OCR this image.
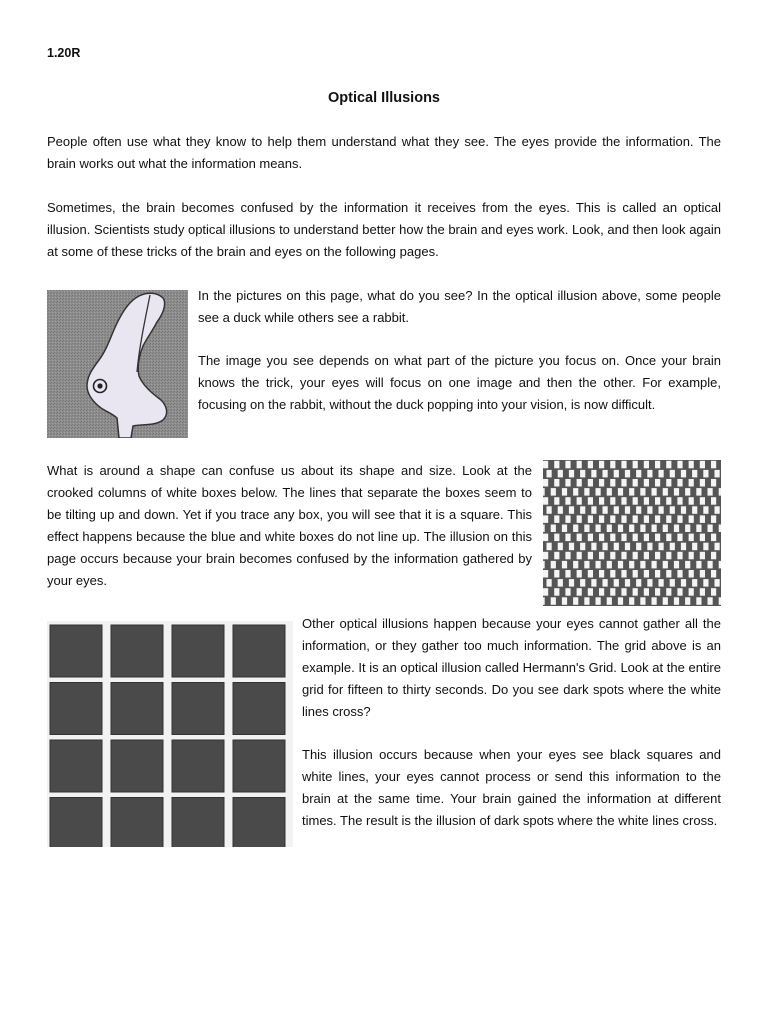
1.20R
Optical Illusions

People often use what they know to help them understand what they see. The eyes provide the information. The brain works out what the information means.

Sometimes, the brain becomes confused by the information it receives from the eyes. This is called an optical illusion. Scientists study optical illusions to understand better how the brain and eyes work. Look, and then look again at some of these tricks of the brain and eyes on the following pages.

In the pictures on this page, what do you see? In the optical illusion above, some people see a duck while others see a rabbit.

The image you see depends on what part of the picture you focus on. Once your brain knows the trick, your eyes will focus on one image and then the other. For example, focusing on the rabbit, without the duck popping into your vision, is now difficult.

What is around a shape can confuse us about its shape and size. Look at the crooked columns of white boxes below. The lines that separate the boxes seem to be tilting up and down. Yet if you trace any box, you will see that it is a square. This effect happens because the blue and white boxes do not line up. The illusion on this page occurs because your brain becomes confused by the information gathered by your eyes.

Other optical illusions happen because your eyes cannot gather all the information, or they gather too much information. The grid above is an example. It is an optical illusion called Hermann's Grid. Look at the entire grid for fifteen to thirty seconds. Do you see dark spots where the white lines cross?

This illusion occurs because when your eyes see black squares and white lines, your eyes cannot process or send this information to the brain at the same time. Your brain gained the information at different times. The result is the illusion of dark spots where the white lines cross.
